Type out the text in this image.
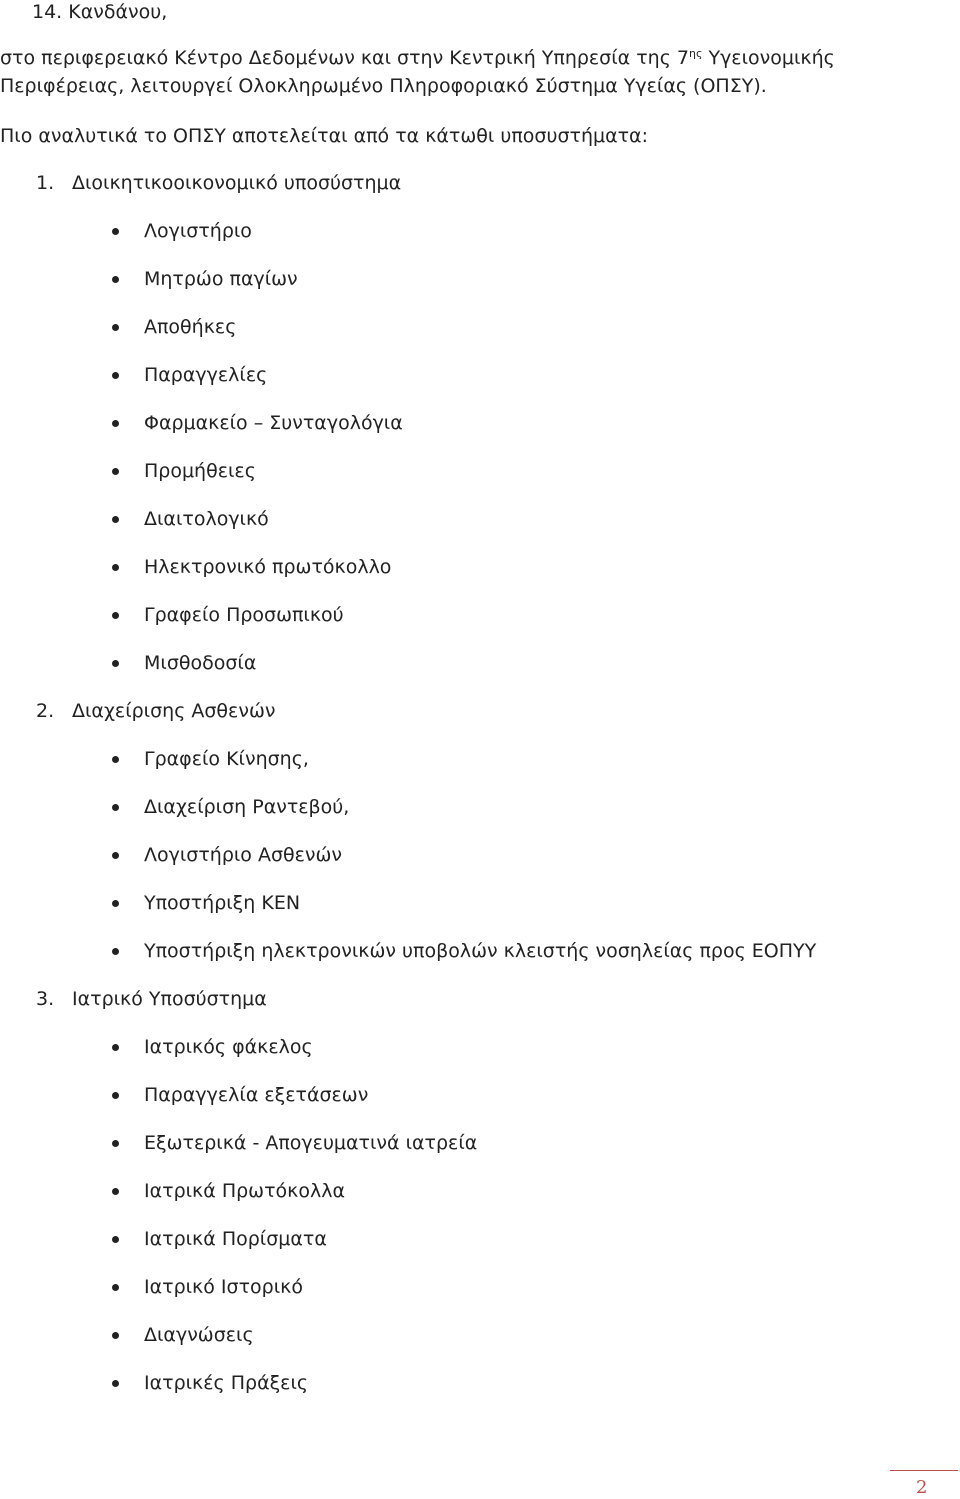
14. Κανδάνου,
στο περιφερειακό Κέντρο Δεδομένων και στην Κεντρική Υπηρεσία της $7^{\eta\varsigma}$ Υγειονομικής
Περιφέρειας, λειτουργεί Ολοκληρωμένο Πληροφοριακό Σύστημα Υγείας (ΟΠΣΥ).
Πιο αναλυτικά το ΟΠΣΥ αποτελείται από τα κάτωθι υποσυστήματα:
1. Διοικητικοοικονομικό υποσύστημα
Λογιστήριο
Μητρώο παγίων
Αποθήκες
Παραγγελίες
Φαρμακείο – Συνταγολόγια
Προμήθειες
Διαιτολογικό
Ηλεκτρονικό πρωτόκολλο
Γραφείο Προσωπικού
Μισθοδοσία
2. Διαχείρισης Ασθενών
Γραφείο Κίνησης,
Διαχείριση Ραντεβού,
Λογιστήριο Ασθενών
Υποστήριξη ΚΕΝ
Υποστήριξη ηλεκτρονικών υποβολών κλειστής νοσηλείας προς ΕΟΠΥΥ
3. Ιατρικό Υποσύστημα
Ιατρικός φάκελος
Παραγγελία εξετάσεων
Εξωτερικά - Απογευματινά ιατρεία
Ιατρικά Πρωτόκολλα
Ιατρικά Πορίσματα
Ιατρικό Ιστορικό
Διαγνώσεις
Ιατρικές Πράξεις
2
